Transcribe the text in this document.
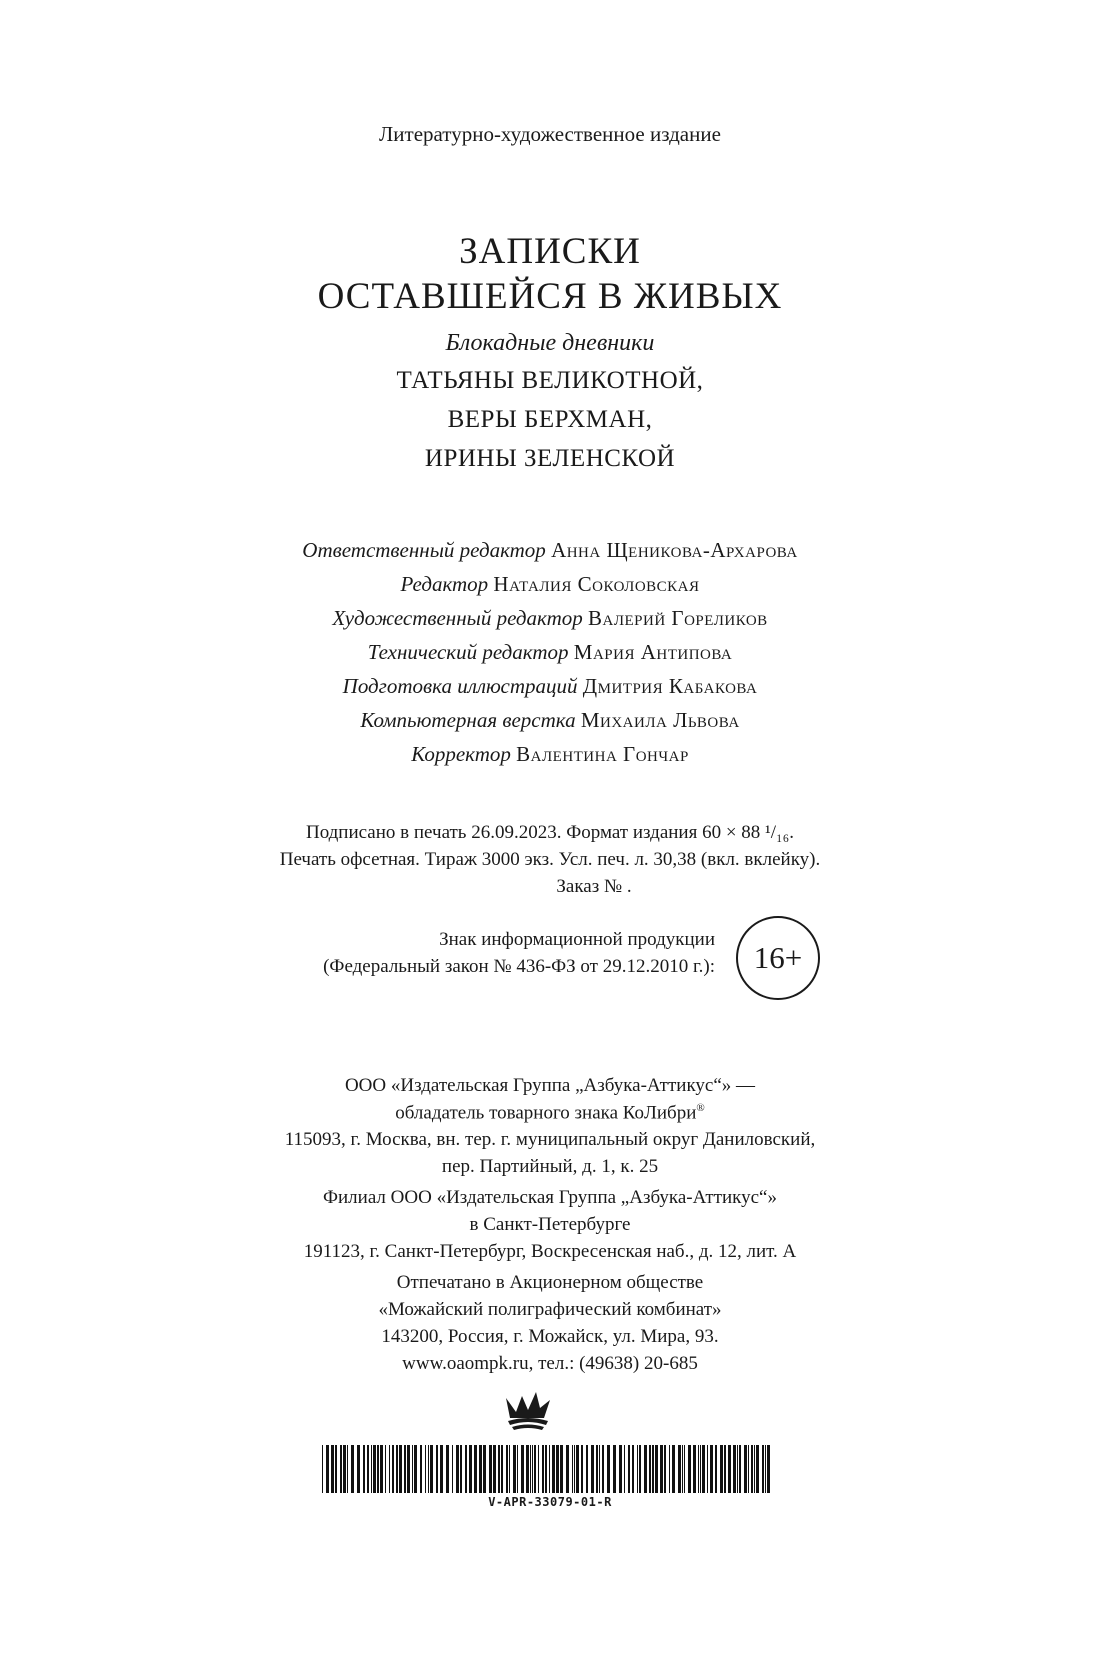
Литературно-художественное издание
ЗАПИСКИ
ОСТАВШЕЙСЯ В ЖИВЫХ
Блокадные дневники
ТАТЬЯНЫ ВЕЛИКОТНОЙ,
ВЕРЫ БЕРХМАН,
ИРИНЫ ЗЕЛЕНСКОЙ
Ответственный редактор Анна Щеникова-Архарова
Редактор Наталия Соколовская
Художественный редактор Валерий Гореликов
Технический редактор Мария Антипова
Подготовка иллюстраций Дмитрия Кабакова
Компьютерная верстка Михаила Львова
Корректор Валентина Гончар
Подписано в печать 26.09.2023. Формат издания 60 × 88 ¹/₁₆.
Печать офсетная. Тираж 3000 экз. Усл. печ. л. 30,38 (вкл. вклейку).
Заказ № .
Знак информационной продукции
(Федеральный закон № 436-ФЗ от 29.12.2010 г.): 16+
ООО «Издательская Группа „Азбука-Аттикус“» —
обладатель товарного знака КоЛибри®
115093, г. Москва, вн. тер. г. муниципальный округ Даниловский,
пер. Партийный, д. 1, к. 25
Филиал ООО «Издательская Группа „Азбука-Аттикус“»
в Санкт-Петербурге
191123, г. Санкт-Петербург, Воскресенская наб., д. 12, лит. А
Отпечатано в Акционерном обществе
«Можайский полиграфический комбинат»
143200, Россия, г. Можайск, ул. Мира, 93.
www.oaompk.ru, тел.: (49638) 20-685
V-APR-33079-01-R
